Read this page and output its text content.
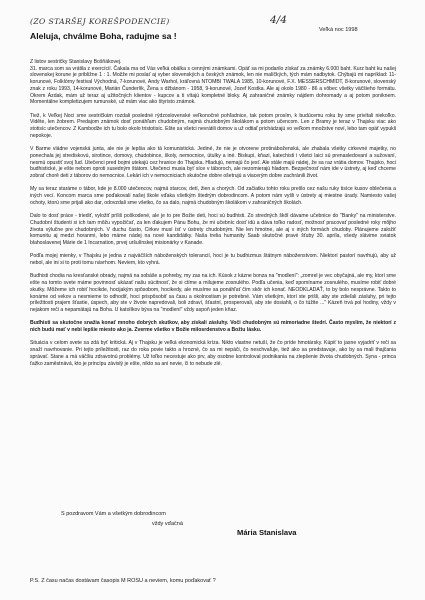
(ZO STARŠEJ KOREŠPODENCIE)	4/4
Veľká noc 1998
Aleluja, chválme Boha, radujme sa !

Z listov sestričky Stanislavy Bošňákovej.

31. marca som sa vrátila z exercícií. Čakala ma od Vás veľká obálka s cennými známkami. Opäť sa mi podarilo získať za známky 6.000 baht. Kurz baht ku našej slovenskej korune je približne 1 : 1. Možže mi poslať aj vyber slovenských a českých známok, len nie malíčkých, tých mám nadbytok. Chýbajú mi napríklad: 11-korunové, Folklórny festival Východná, 7-korunové, Andy Warhol, kráľovná NTOMBI TWALA 1985, 10-korunové, F.X. MESSERSCHMIDT, 8-korunové, slovenský znak z roku 1993, 14-korunové, Marián Čunderlík, Žena s džbánom - 1958, 9-korunové, Jozef Kostka. Ale aj okolo 1980 - 86 a vôbec všetky väčšieho formátu. Okrem Ázdak, mám už teraz aj užitočných klientov - kupcov a ti vítajú kompletné bloky. Aj zahraničné známky nájdem dohromady a aj potom poniknem. Momentálne kompletizujem rumunské, už mám viac ako štyristo známok.

Tiež, k Veľkej Noci sme sestričkám rozdali posledné rýdzoslovenské veľkonočné pohľadnice, tak potom prosím, k budúcemu roku by sme privítali niekoľko. Viděte, len žobrem. Predajom známok dosť ponáhľam chudobným, najmä chudobným školákom a potom učencom. Len z Bramy je teraz v Thajsku viac ako stotisíc utečencov. Z Kambodže ich tu bolo okolo tristotisíc. Ešte sa všetci nevrátili domov a už odtiaľ prichádzajú vo veľkom množstve noví, lebo tam opäť vypukli nepokoje.

V Barme vládne vojenská junta, ale nie je lepšia ako tá komunistická. Jediné, že nie je otvorene protináboženská, ale zhabala všetky cirkevné majetky, no ponechala jej strediskovú, sirotince, domovy, chudobince, školy, nemocnice, útulky a iné. Biskupi, kňazi, katechisti i všetci laici sú prenasledovaní a sužovaní, nesmú opustiť svoj ľud. Utečenci pred bojmi utekajú cez hranice do Thajska. Hladujú, nemajú čo jesť. Ale stále majú nádej, že sa raz vrátia domov. Thajsko, hoci budhistické, je ešte nebom oproti susedným štátom. Utečenci musia byť síce v táboroch, ale nezomierajú hladom. Bezpečnosť nám ide v ústrety, aj keď chceme zobrať chorě deti z táborov do nemocnice. Lekári ich v nemocniciach skutočne dobre ošetrujú a viacerým dobre zachránili život.

My sa teraz staráme o tábor, kde je 8.000 utečencov, najmä starcov, detí, žien a chorých. Od začiatku tohto roku prešlo cez našu ruky tisíce kusov oblečenia a iných vecí. Koncom marca sme poďakovali našej škole vďaka všetkým štedrým dobrodincom. A potom nám vyšli v ústrety aj miestne úrady. Namiesto vašej ochoty, ktorú sme prijali ako dar, odovzdali sme všetko, čo sa dalo, najmä chudobným školákom v zahraničných školách.

Dalo to dosť práce - triediť, vyložiť príliš poškodené, ale je to pre Božie deti, hoci sú budhisti. Zo stredných škôl dávame učebnice do "Banky" na ministerstve. Chudobní študenti si ich tam môžu vypožičať, za len ďakujem Pánu Bohu, že mi učebníc dosť idú a dáva toľko radosť, možnosť pracovať posledné roky môjho života výlučne pre chudobných. V duchu často, Cirkev musí ísť v ústrety chudobným. Nie len hmotne, ale aj v iných formách chudoby. Plánujeme založiť komunitu aj medzi horanmi, lebo máme nádej na nové kandidátky. Naša trelia humanity Saab skutočné pravé šťuby 30. apríla, všedy slávime sviatok blahoslavenej Márie de 1 Incarnation, prvej uršulínskej misionárky v Kanade.

Podľa mojej mienky, v Thajsku je jedna z najväčších náboženských tolerancií, hoci je tu budhizmus štátnym náboženstvom. Niektorí pastorí navrhujú, aby už nebol, ale ini si to proti tomu návrhom. Neviem, kto vyhrá.

Budhisti chodia na kresťanské obrady, najmä na sobáše a pohreby, my zas na ich. Kúsok z kázne bonza na "modlení": „zomrel je vec obyčajná, ale my, ktorí sme ešte na tomto svete máme povinnosť ukázať našu súcitnosť, že si ctíme a milujeme zosnulého. Podľa učenia, keď spomíname zosnulého, musíme robiť dobré skutky. Môžeme ich robiť hocikde, hocijakým spôsobom, hocikedy, ale musíme sa ponáhľať čím skôr ich konať. NEODKLADAŤ, to by bolo nesprávne. Takto to konáme od vekov a nesmieme to odhodiť, hoci prispôsobiť sa času a okolnostiam je potrebné. Vám všetkým, ktorí ste prišli, aby ste zdieľali zásluhy, pri tejto príležitosti prajem šťastie, úspech, aby ste v živote napredovali, boli zdraví, šťastní, prosperovali, aby ste dosiahli, o čo túžite ..." Kázeň trvá pol hodiny, vždy v nejakom reči a nepamätajú na Boha. U katolíkov býva na "modlení" vždy aspoň jeden kňaz.

Budhisti sa skutočne snažia konať mnoho dobrých skutkov, aby získali zásluhy. Voči chudobným sú mimoriadne štedrí. Často myslím, že niektorí z nich budú mať v nebi lepšie miesto ako ja. Zverme všetko v Božie milosrdenstvo a Božiu lásku.

Situácia v celom svete sa zdá byť kritická. Aj v Thajsku je veľká ekonomická kríza. Nikto vlastne netuší, že čo príde hmotársky. Kúpiť to jasne vyjadriť v reči sa snaží navrhovanie. Pri tejto príležitosti, raz do roka povie takto a hrozné, čo sa mi nepáči, čo neschvaľuje, tiež ako sa predstavuje, ako by sa mali thajčania správať. Stane a má väčšiu zdravotnú problémy. Už toľko necestuje ako prv, aby osobne kontroloval podnikania na zlepšenie života chudobných. Syna - princa ťažko zaměstnává, kto je princípu závislý je ešte, nikto sa ani nevie, či to nebude zlé.

S pozdravom Vám a všetkým dobrodincom
vždy vďačná
Mária Stanislava
P.S. Z času načas dostávam časopis M ROSU a neviem, komu poďakovať ?
